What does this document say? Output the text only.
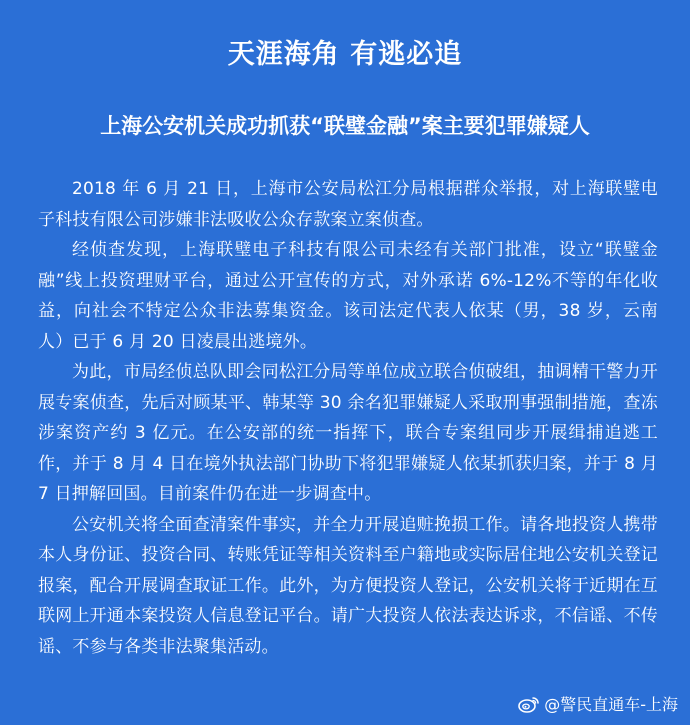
天涯海角 有逃必追
上海公安机关成功抓获“联璧金融”案主要犯罪嫌疑人

2018 年 6 月 21 日，上海市公安局松江分局根据群众举报，对上海联璧电子科技有限公司涉嫌非法吸收公众存款案立案侦查。

经侦查发现，上海联璧电子科技有限公司未经有关部门批准，设立“联璧金融”线上投资理财平台，通过公开宣传的方式，对外承诺 6%-12%不等的年化收益，向社会不特定公众非法募集资金。该司法定代表人依某（男，38 岁，云南人）已于 6 月 20 日凌晨出逃境外。

为此，市局经侦总队即会同松江分局等单位成立联合侦破组，抽调精干警力开展专案侦查，先后对顾某平、韩某等 30 余名犯罪嫌疑人采取刑事强制措施，查冻涉案资产约 3 亿元。在公安部的统一指挥下，联合专案组同步开展缉捕追逃工作，并于 8 月 4 日在境外执法部门协助下将犯罪嫌疑人依某抓获归案，并于 8 月 7 日押解回国。目前案件仍在进一步调查中。

公安机关将全面查清案件事实，并全力开展追赃挽损工作。请各地投资人携带本人身份证、投资合同、转账凭证等相关资料至户籍地或实际居住地公安机关登记报案，配合开展调查取证工作。此外，为方便投资人登记，公安机关将于近期在互联网上开通本案投资人信息登记平台。请广大投资人依法表达诉求，不信谣、不传谣、不参与各类非法聚集活动。

@警民直通车-上海
